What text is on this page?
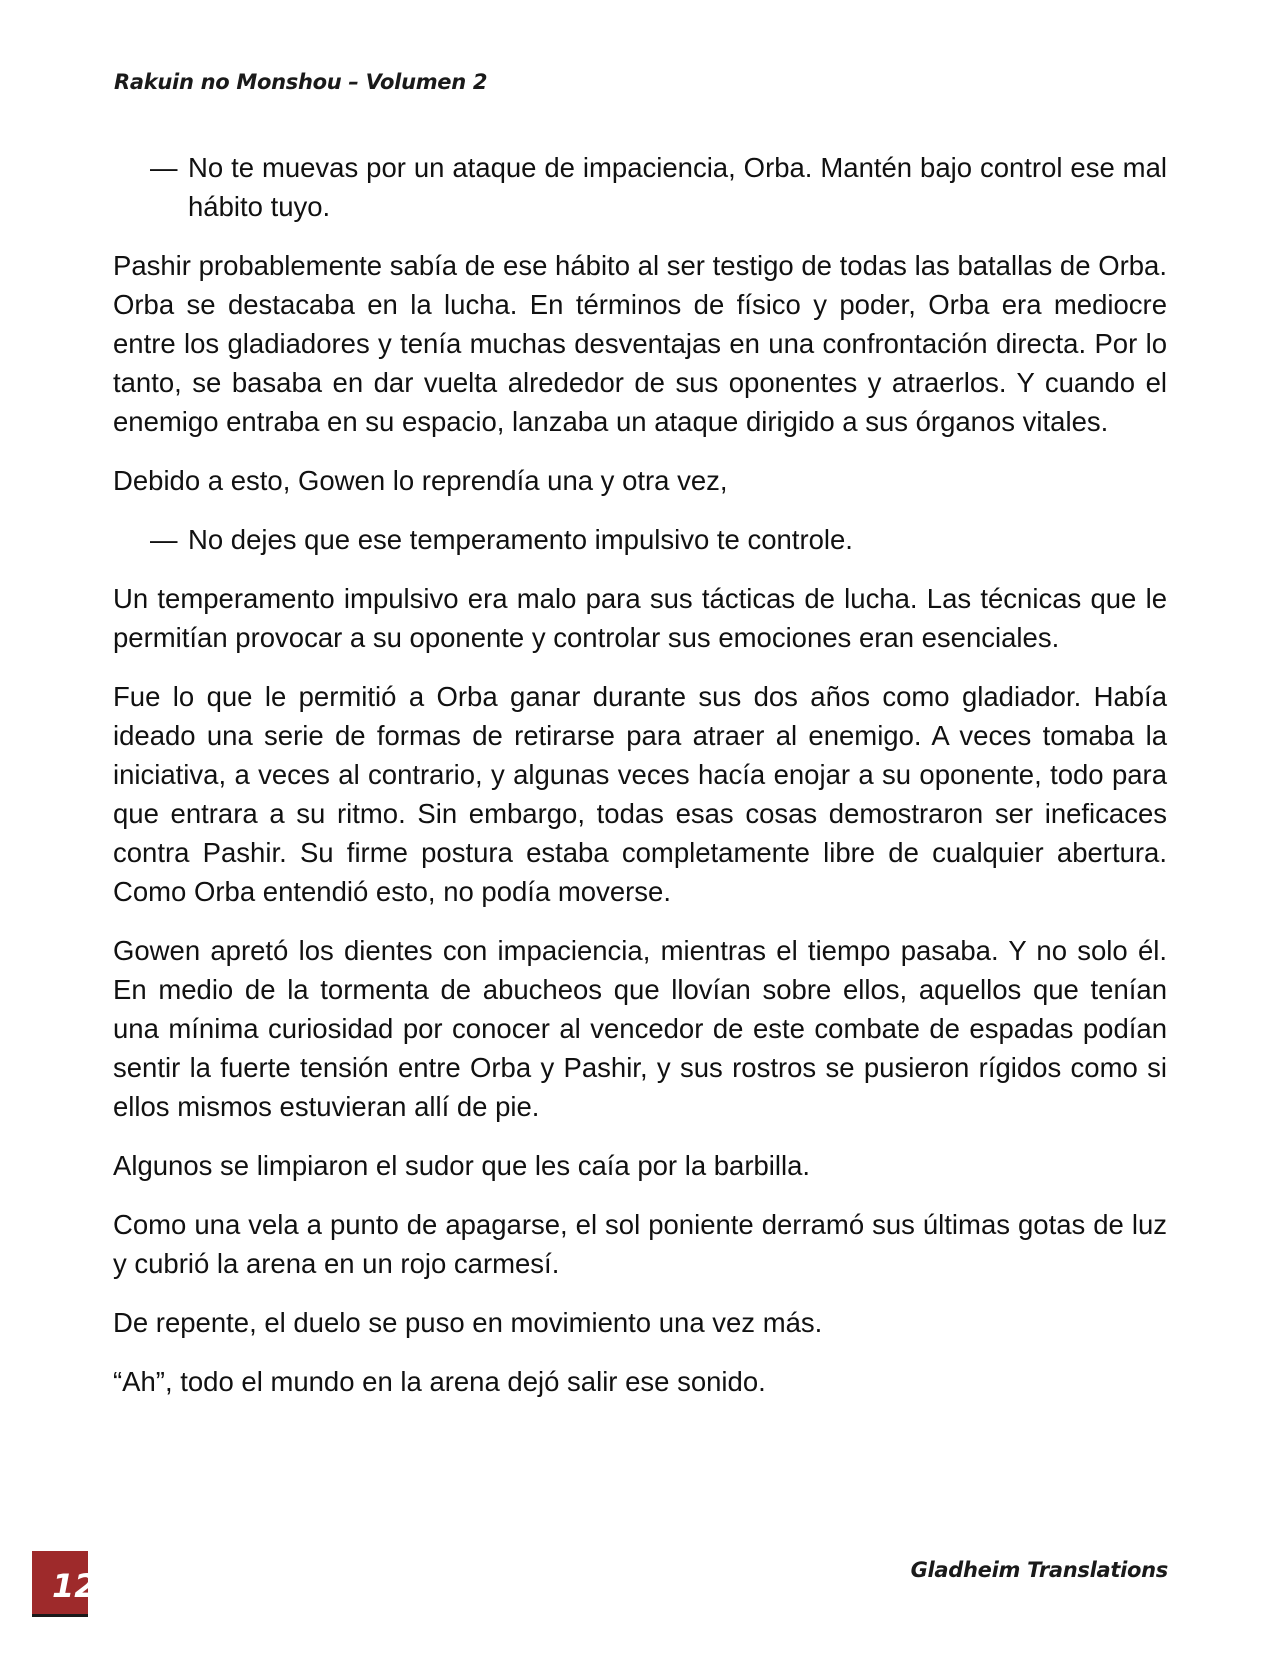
Rakuin no Monshou – Volumen 2

— No te muevas por un ataque de impaciencia, Orba. Mantén bajo control ese mal hábito tuyo.

Pashir probablemente sabía de ese hábito al ser testigo de todas las batallas de Orba. Orba se destacaba en la lucha. En términos de físico y poder, Orba era mediocre entre los gladiadores y tenía muchas desventajas en una confrontación directa. Por lo tanto, se basaba en dar vuelta alrededor de sus oponentes y atraerlos. Y cuando el enemigo entraba en su espacio, lanzaba un ataque dirigido a sus órganos vitales.

Debido a esto, Gowen lo reprendía una y otra vez,

— No dejes que ese temperamento impulsivo te controle.

Un temperamento impulsivo era malo para sus tácticas de lucha. Las técnicas que le permitían provocar a su oponente y controlar sus emociones eran esenciales.

Fue lo que le permitió a Orba ganar durante sus dos años como gladiador. Había ideado una serie de formas de retirarse para atraer al enemigo. A veces tomaba la iniciativa, a veces al contrario, y algunas veces hacía enojar a su oponente, todo para que entrara a su ritmo. Sin embargo, todas esas cosas demostraron ser ineficaces contra Pashir. Su firme postura estaba completamente libre de cualquier abertura. Como Orba entendió esto, no podía moverse.

Gowen apretó los dientes con impaciencia, mientras el tiempo pasaba. Y no solo él. En medio de la tormenta de abucheos que llovían sobre ellos, aquellos que tenían una mínima curiosidad por conocer al vencedor de este combate de espadas podían sentir la fuerte tensión entre Orba y Pashir, y sus rostros se pusieron rígidos como si ellos mismos estuvieran allí de pie.

Algunos se limpiaron el sudor que les caía por la barbilla.

Como una vela a punto de apagarse, el sol poniente derramó sus últimas gotas de luz y cubrió la arena en un rojo carmesí.

De repente, el duelo se puso en movimiento una vez más.

“Ah”, todo el mundo en la arena dejó salir ese sonido.

12	Gladheim Translations
